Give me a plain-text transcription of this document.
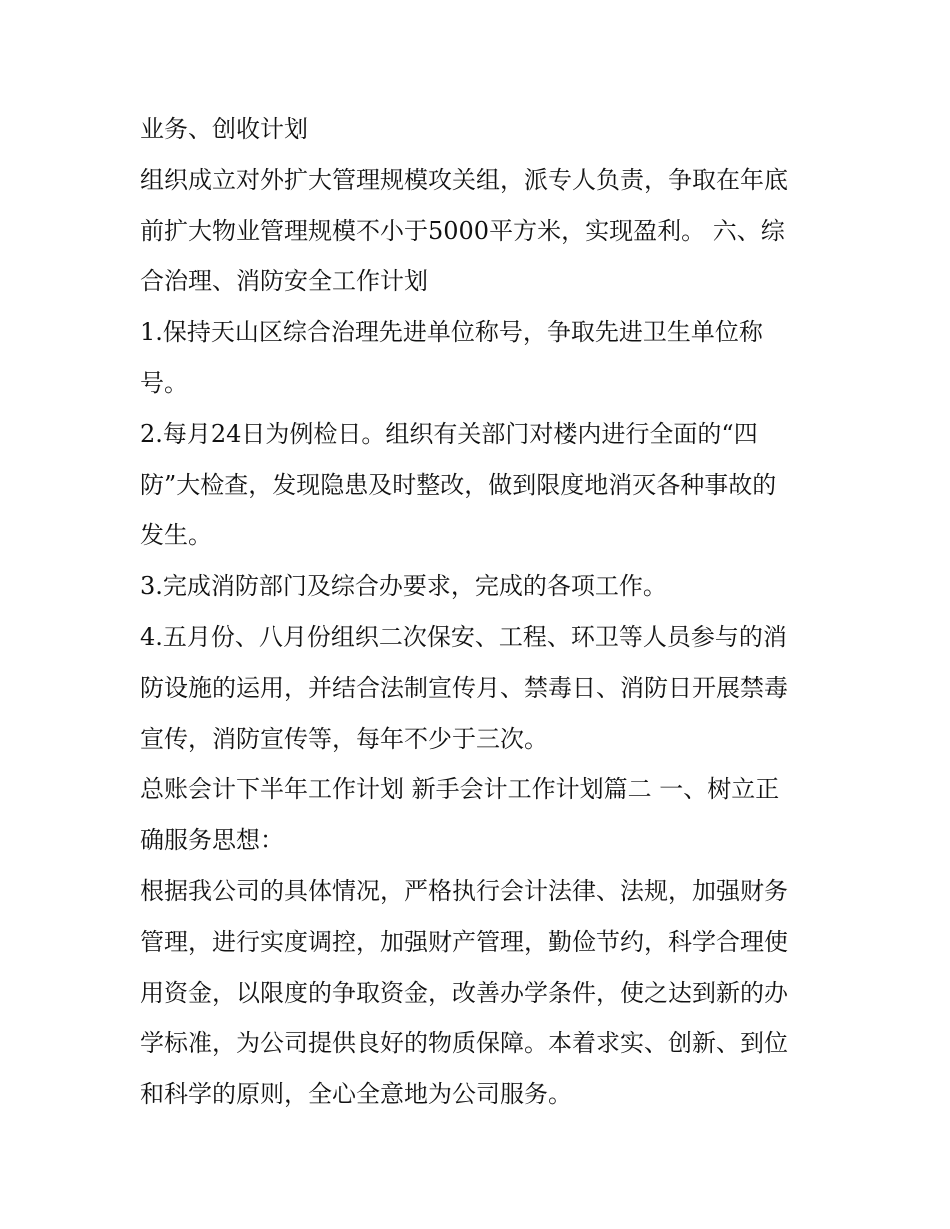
业务、创收计划
组织成立对外扩大管理规模攻关组，派专人负责，争取在年底
前扩大物业管理规模不小于5000平方米，实现盈利。 六、综
合治理、消防安全工作计划
1.保持天山区综合治理先进单位称号，争取先进卫生单位称
号。
2.每月24日为例检日。组织有关部门对楼内进行全面的“四
防”大检查，发现隐患及时整改，做到限度地消灭各种事故的
发生。
3.完成消防部门及综合办要求，完成的各项工作。
4.五月份、八月份组织二次保安、工程、环卫等人员参与的消
防设施的运用，并结合法制宣传月、禁毒日、消防日开展禁毒
宣传，消防宣传等，每年不少于三次。
总账会计下半年工作计划 新手会计工作计划篇二 一、树立正
确服务思想：
根据我公司的具体情况，严格执行会计法律、法规，加强财务
管理，进行实度调控，加强财产管理，勤俭节约，科学合理使
用资金，以限度的争取资金，改善办学条件，使之达到新的办
学标准，为公司提供良好的物质保障。本着求实、创新、到位
和科学的原则，全心全意地为公司服务。
